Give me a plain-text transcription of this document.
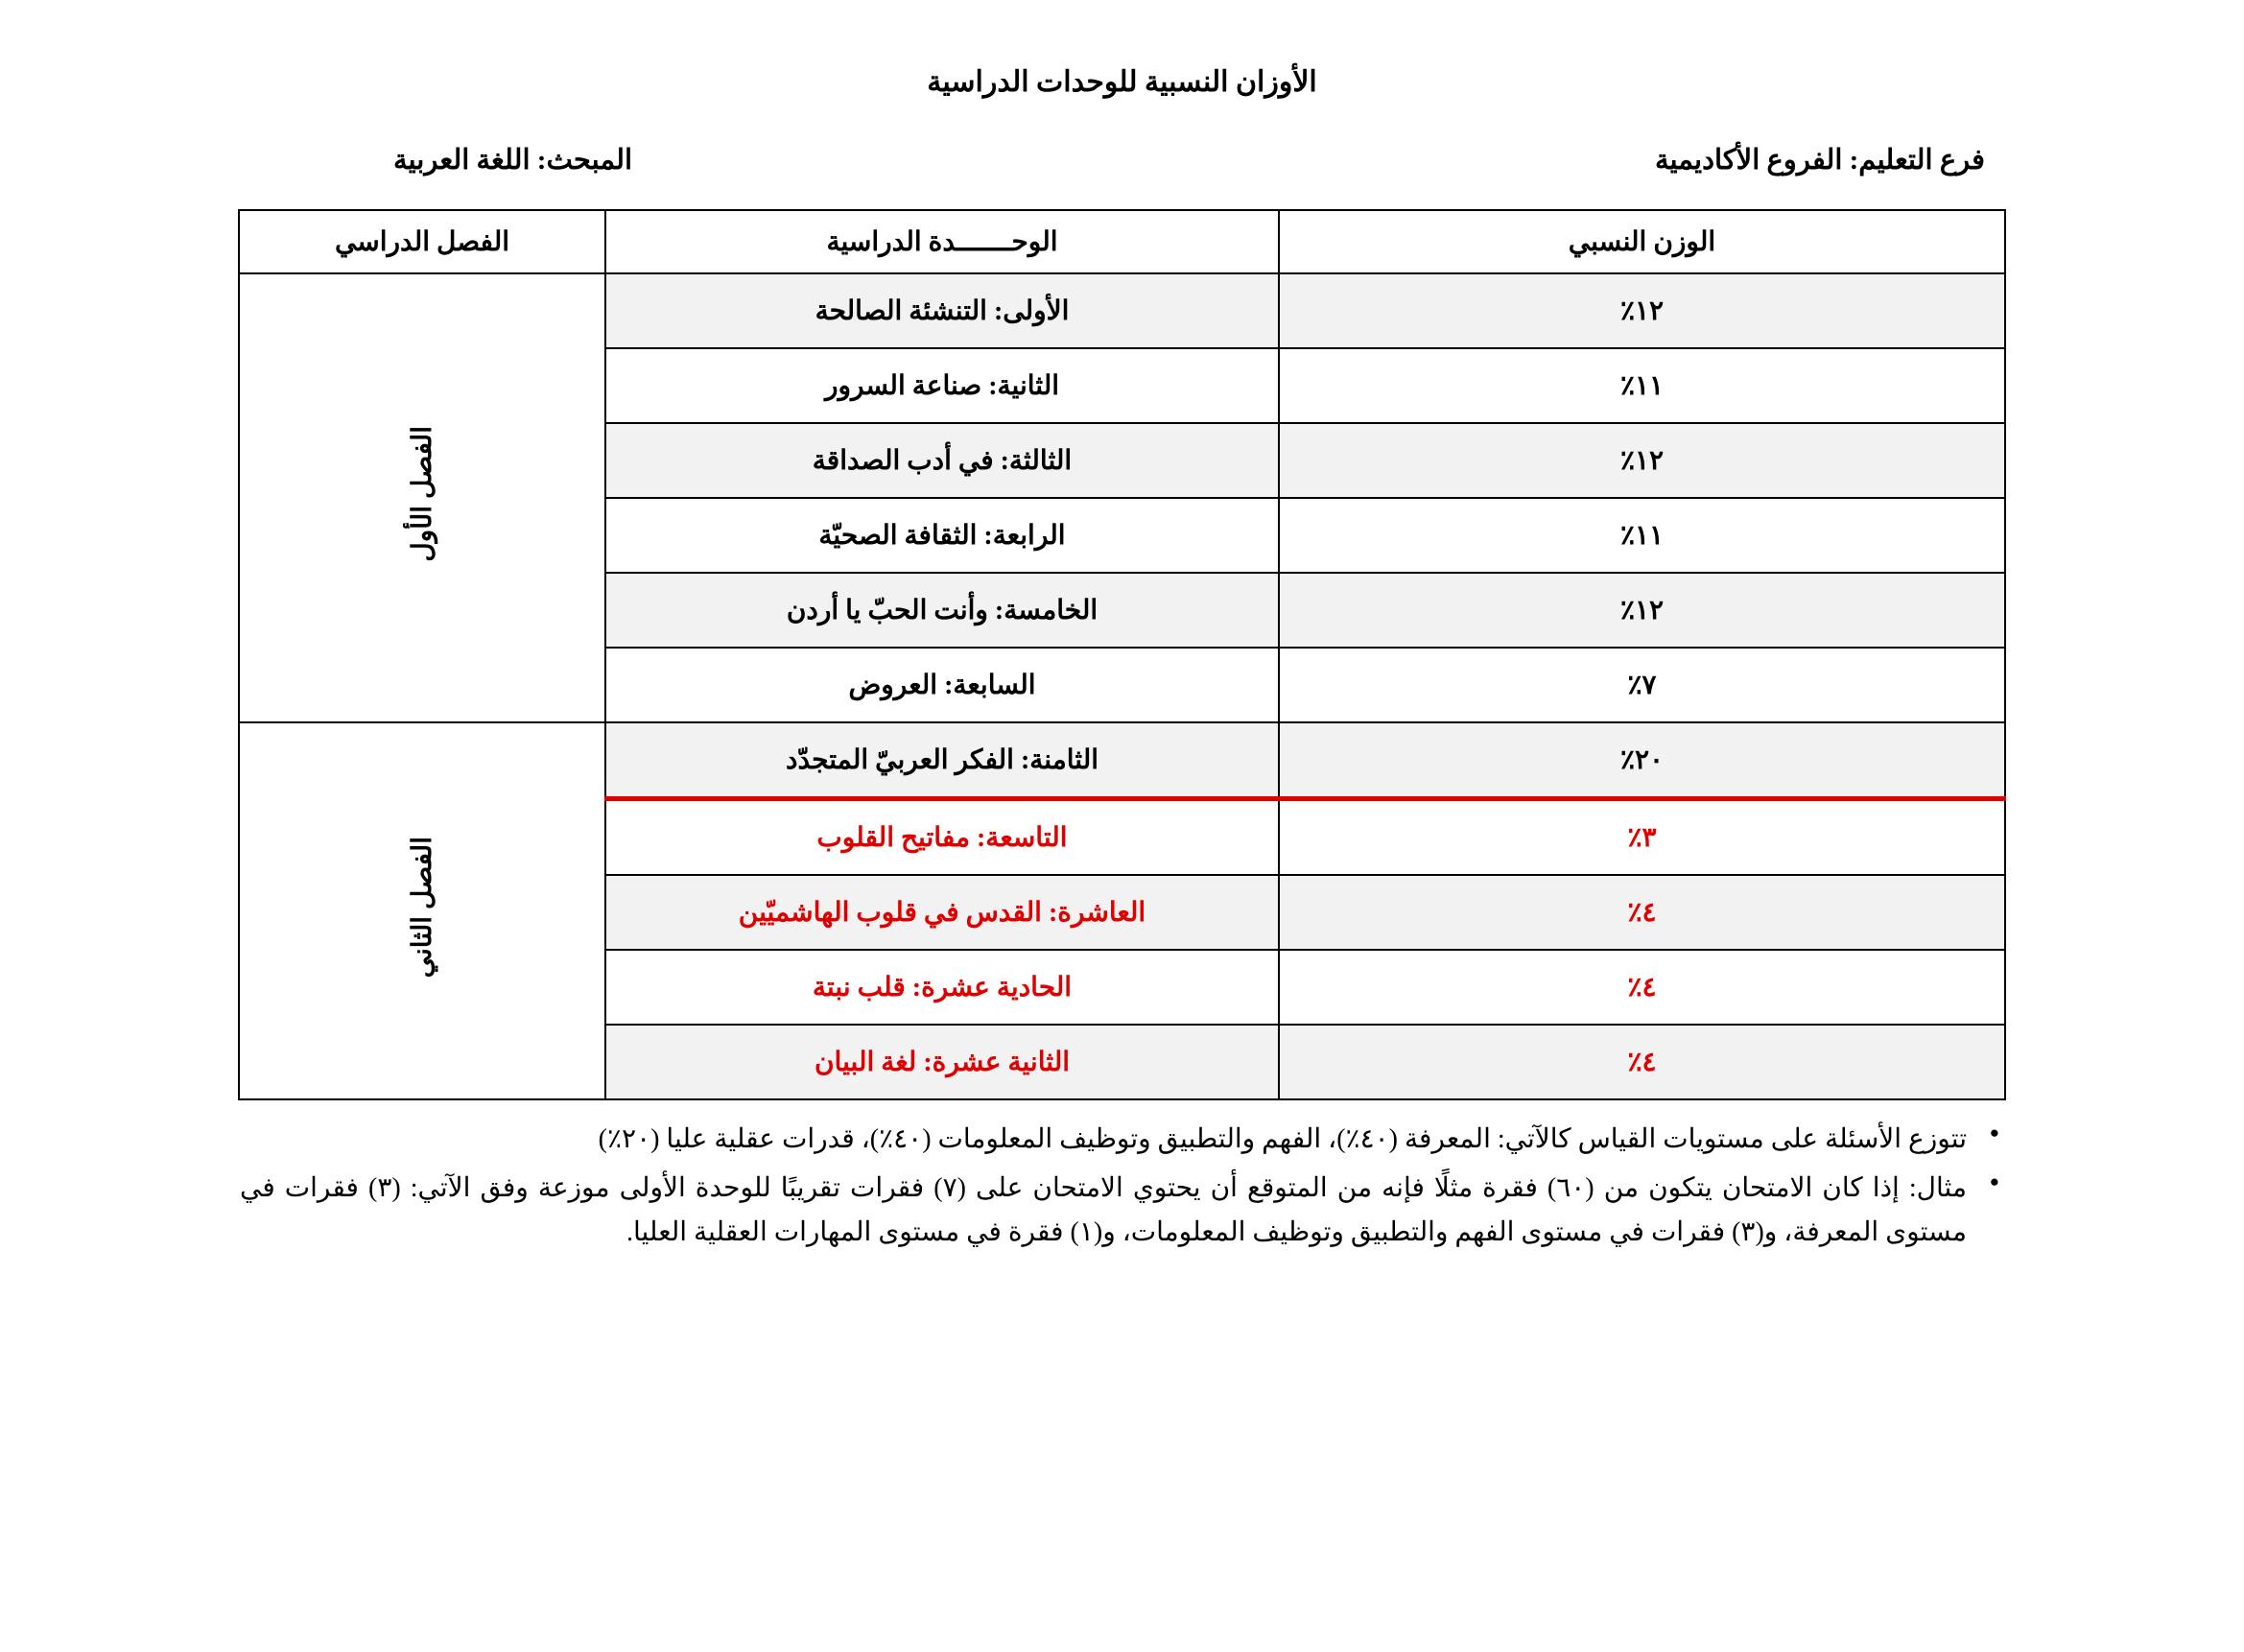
الأوزان النسبية للوحدات الدراسية
المبحث: اللغة العربية	فرع التعليم: الفروع الأكاديمية
الوزن النسبي	الوحـــــــدة الدراسية	الفصل الدراسي
١٢٪	الأولى: التنشئة الصالحة	الفصل الأول
١١٪	الثانية: صناعة السرور	
١٢٪	الثالثة: في أدب الصداقة	
١١٪	الرابعة: الثقافة الصحيّة	
١٢٪	الخامسة: وأنت الحبّ يا أردن	
٧٪	السابعة: العروض	
٢٠٪	الثامنة: الفكر العربيّ المتجدّد	الفصل الثاني
٣٪	التاسعة: مفاتيح القلوب	
٤٪	العاشرة: القدس في قلوب الهاشميّين	
٤٪	الحادية عشرة: قلب نبتة	
٤٪	الثانية عشرة: لغة البيان	
● تتوزع الأسئلة على مستويات القياس كالآتي: المعرفة (٤٠٪)، الفهم والتطبيق وتوظيف المعلومات (٤٠٪)، قدرات عقلية عليا (٢٠٪)
● مثال: إذا كان الامتحان يتكون من (٦٠) فقرة مثلًا فإنه من المتوقع أن يحتوي الامتحان على (٧) فقرات تقريبًا للوحدة الأولى موزعة وفق الآتي: (٣) فقرات في مستوى المعرفة، و(٣) فقرات في مستوى الفهم والتطبيق وتوظيف المعلومات، و(١) فقرة في مستوى المهارات العقلية العليا.
